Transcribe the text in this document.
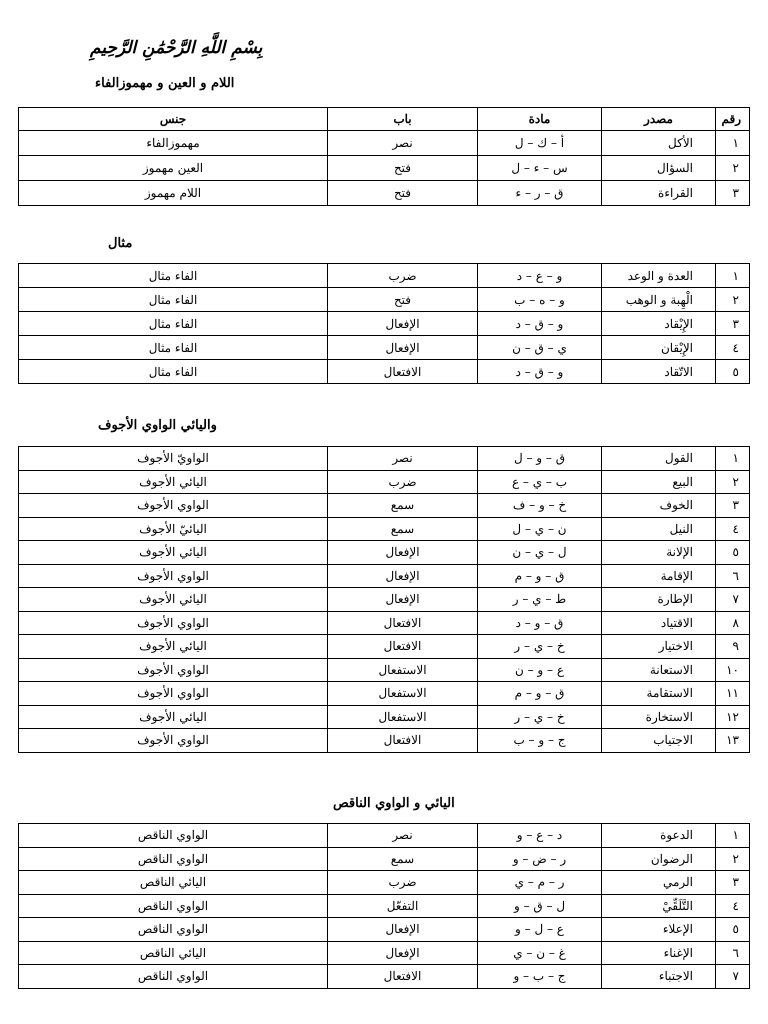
بِسْمِ اللَّهِ الرَّحْمَٰنِ الرَّحِيمِ
اللام و العين و مهموزالفاء
رقم	مصدر	مادة	باب	جنس
١	الأكل	أ – ك – ل	نصر	مهموزالفاء
٢	السؤال	س – ء – ل	فتح	العين مهموز
٣	القراءة	ق – ر – ء	فتح	اللام مهموز
مثال
١	العدة و الوعد	و – ع – د	ضرب	الفاء مثال
٢	الْهِبة و الوهب	و – ه – ب	فتح	الفاء مثال
٣	الإِيْقاد	و – ق – د	الإفعال	الفاء مثال
٤	الإِيْقان	ي – ق – ن	الإفعال	الفاء مثال
٥	الاتّقاد	و – ق – د	الافتعال	الفاء مثال
واليائي الواوي الأجوف
١	القول	ق – و – ل	نصر	الواويّ الأجوف
٢	البيع	ب – ي – ع	ضرب	اليائي الأجوف
٣	الخوف	خ – و – ف	سمع	الواوي الأجوف
٤	النيل	ن – ي – ل	سمع	اليائيّ الأجوف
٥	الإلانة	ل – ي – ن	الإفعال	اليائي الأجوف
٦	الإقامة	ق – و – م	الإفعال	الواوي الأجوف
٧	الإطارة	ط – ي – ر	الإفعال	اليائي الأجوف
٨	الاقتياد	ق – و – د	الافتعال	الواوي الأجوف
٩	الاختيار	خ – ي – ر	الافتعال	اليائي الأجوف
١٠	الاستعانة	ع – و – ن	الاستفعال	الواوي الأجوف
١١	الاستقامة	ق – و – م	الاستفعال	الواوي الأجوف
١٢	الاستخارة	خ – ي – ر	الاستفعال	اليائي الأجوف
١٣	الاجتياب	ج – و – ب	الافتعال	الواوي الأجوف
اليائي و الواوي الناقص
١	الدعوة	د – ع – و	نصر	الواوي الناقص
٢	الرضوان	ر – ض – و	سمع	الواوي الناقص
٣	الرمي	ر – م – ي	ضرب	اليائي الناقص
٤	التَّلَقِّيْ	ل – ق – و	التفعّل	الواوي الناقص
٥	الإعلاء	ع – ل – و	الإفعال	الواوي الناقص
٦	الإغناء	غ – ن – ي	الإفعال	اليائي الناقص
٧	الاجتباء	ج – ب – و	الافتعال	الواوي الناقص
